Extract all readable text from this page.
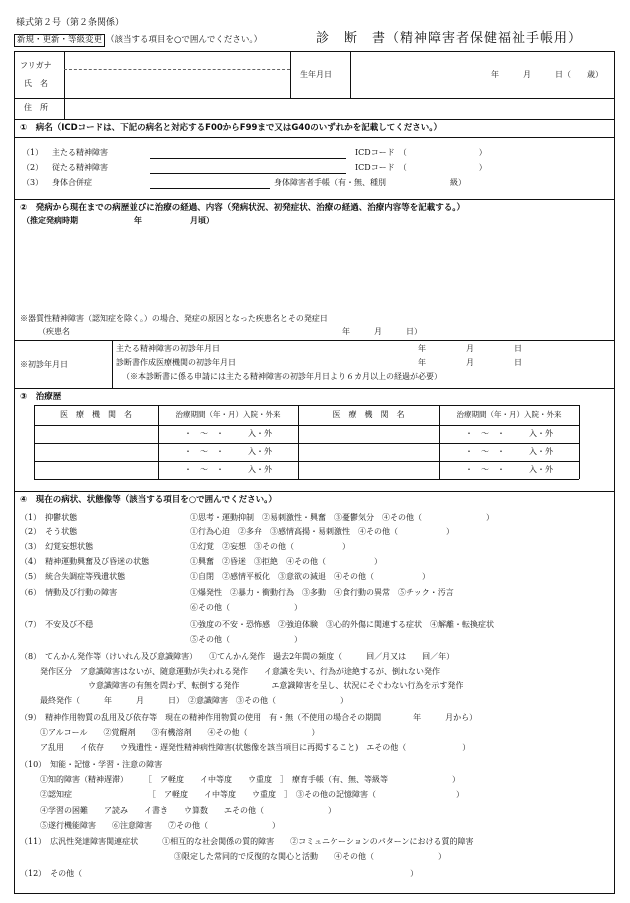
様式第２号（第２条関係）
新規・更新・等級変更 （該当する項目を○で囲んでください。）	診　断　書（精神障害者保健福祉手帳用）
フリガナ
氏　名
生年月日	年　　　月　　　日（　　歳）
住　所
①　病名（ICDコードは、下記の病名と対応するF00からF99まで又はG40のいずれかを記載してください。）
（1） 主たる精神障害	ICDコード　（　　　　　　　　　）
（2） 従たる精神障害	ICDコード　（　　　　　　　　　）
（3） 身体合併症	身体障害者手帳（有・無、種別　　　　　　　　級）
②　発病から現在までの病歴並びに治療の経過、内容（発病状況、初発症状、治療の経過、治療内容等を記載する。）
（推定発病時期　　　　　　　年　　　　　　月頃）
※器質性精神障害（認知症を除く。）の場合、発症の原因となった疾患名とその発症日
（疾患名	年　　　月　　　日）
※初診年月日
主たる精神障害の初診年月日	年　　　　　月　　　　　日
診断書作成医療機関の初診年月日	年　　　　　月　　　　　日
（※本診断書に係る申請には主たる精神障害の初診年月日より６カ月以上の経過が必要）
③　治療歴
医　療　機　関　名	治療期間（年・月）入院・外来	医　療　機　関　名	治療期間（年・月）入院・外来
・　～　・　　　入・外	・　～　・　　　入・外
・　～　・　　　入・外	・　～　・　　　入・外
・　～　・　　　入・外	・　～　・　　　入・外
④　現在の病状、状態像等（該当する項目を○で囲んでください。）
（1）　抑鬱状態	①思考・運動抑制　②易刺激性・興奮　③憂鬱気分　④その他（　　　　　　　　）
（2）　そう状態	①行為心迫　②多弁　③感情高揚・易刺激性　④その他（　　　　　　）
（3）　幻覚妄想状態	①幻覚　②妄想　③その他（　　　　　　）
（4）　精神運動興奮及び昏迷の状態	①興奮　②昏迷　③拒絶　④その他（　　　　　　）
（5）　統合失調症等残遺状態	①自閉　②感情平板化　③意欲の減退　④その他（　　　　　　）
（6）　情動及び行動の障害	①爆発性　②暴力・衝動行為　③多動　④食行動の異常　⑤チック・汚言
⑥その他（　　　　　　　　）
（7）　不安及び不穏	①強度の不安・恐怖感　②強迫体験　③心的外傷に関連する症状　④解離・転換症状
⑤その他（　　　　　　　　）
（8）　てんかん発作等（けいれん及び意識障害）　　①てんかん発作　過去2年間の頻度（　　　回／月又は　　回／年）
発作区分　ア意識障害はないが、随意運動が失われる発作　　イ意識を失い、行為が途絶するが、倒れない発作
ウ意識障害の有無を問わず、転倒する発作　　　　エ意識障害を呈し、状況にそぐわない行為を示す発作
最終発作（　　　年　　　月　　　日）　②意識障害　③その他（　　　　　　　　）
（9）　精神作用物質の乱用及び依存等　現在の精神作用物質の使用　有・無（不使用の場合その期間　　　　年　　　月から）
①アルコール　　②覚醒剤　　③有機溶剤　　④その他（　　　　　　　　）
ア乱用　　イ依存　　ウ残遺性・遅発性精神病性障害(状態像を該当項目に再掲すること)　エその他（　　　　　　　）
（10）　知能・記憶・学習・注意の障害
①知的障害（精神遅滞）　　　［　ア軽度　　イ中等度　　ウ重度　］　療育手帳（有、無、等級等　　　　　　　　）
②認知症　　　　　　　　　　［　ア軽度　　イ中等度　　ウ重度　］　③その他の記憶障害（　　　　　　　　　　）
④学習の困難　　ア読み　　イ書き　　ウ算数　　エその他（　　　　　　　　）
⑤遂行機能障害　　⑥注意障害　　⑦その他（　　　　　　　　）
（11）　広汎性発達障害関連症状　　　①相互的な社会関係の質的障害　　②コミュニケーションのパターンにおける質的障害
③限定した常同的で反復的な関心と活動　　④その他（　　　　　　　　）
（12）　その他（　　　　　　　　　　　　　　　　　　　　　　　　　　　　　　　　　　　　　　　　　）
